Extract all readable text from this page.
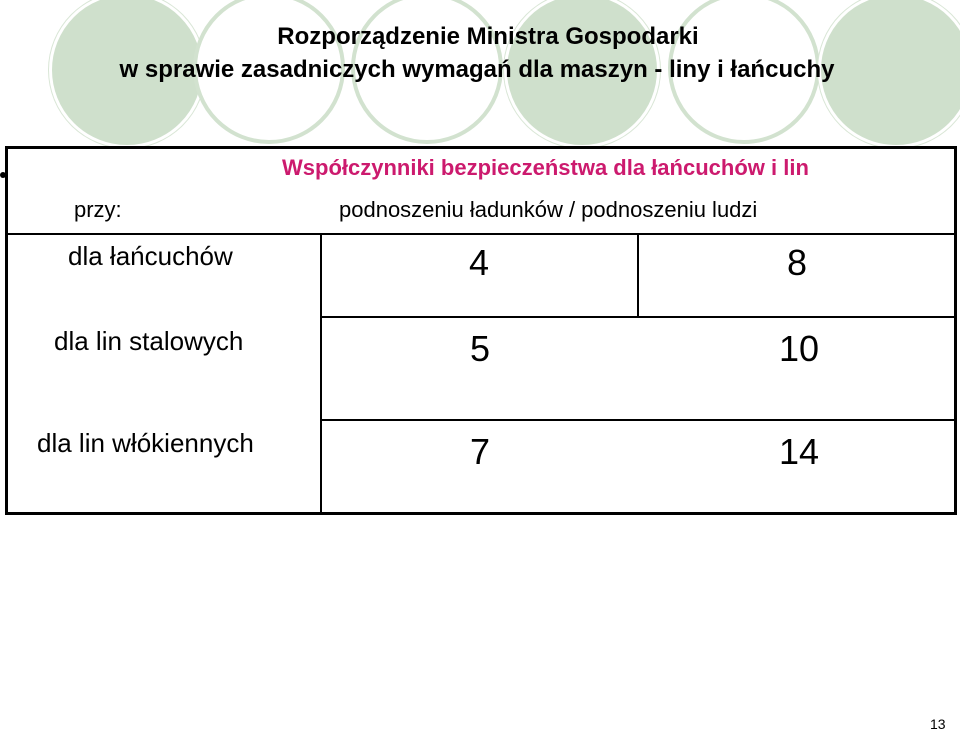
Rozporządzenie Ministra Gospodarki
w sprawie zasadniczych wymagań dla maszyn - liny i łańcuchy
Współczynniki bezpieczeństwa dla łańcuchów i lin
przy:	podnoszeniu ładunków / podnoszeniu ludzi
dla łańcuchów	4	8
dla lin stalowych	5	10
dla lin włókiennych	7	14
13
